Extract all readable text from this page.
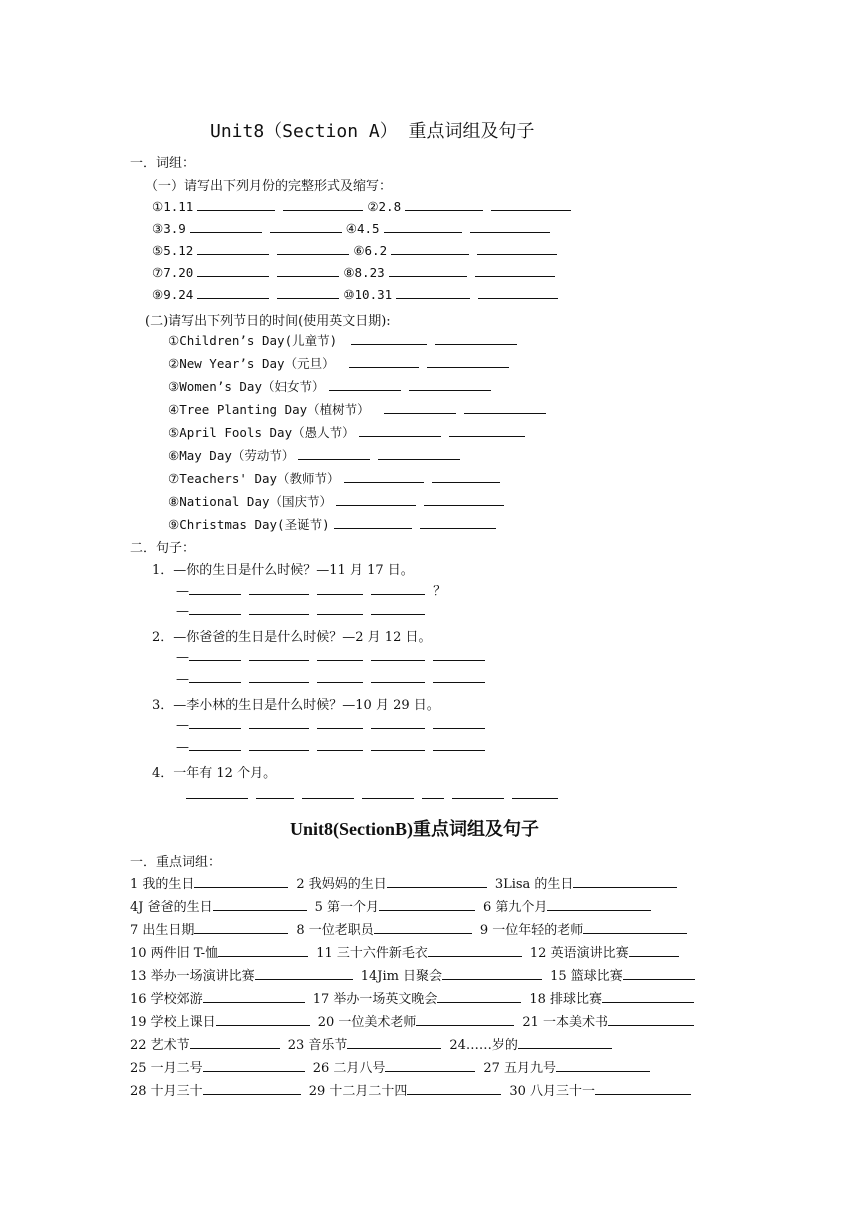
Unit8（Section A） 重点词组及句子
一．词组：
（一）请写出下列月份的完整形式及缩写：
①1.11	②2.8
③3.9	④4.5
⑤5.12	⑥6.2
⑦7.20	⑧8.23
⑨9.24	⑩10.31
(二)请写出下列节日的时间(使用英文日期):
①Children’s Day(儿童节)
②New Year’s Day（元旦）
③Women’s Day（妇女节）
④Tree Planting Day（植树节）
⑤April Fools Day（愚人节）
⑥May Day（劳动节）
⑦Teachers' Day（教师节）
⑧National Day（国庆节）
⑨Christmas Day(圣诞节)
二．句子：
1．—你的生日是什么时候？—11 月 17 日。
—	？
—
2．—你爸爸的生日是什么时候？—2 月 12 日。
—
—
3．—李小林的生日是什么时候？—10 月 29 日。
—
—
4．一年有 12 个月。
Unit8(SectionB)重点词组及句子
一．重点词组：
1 我的生日	2 我妈妈的生日	3Lisa 的生日
4J 爸爸的生日	5 第一个月	6 第九个月
7 出生日期	8 一位老职员	9 一位年轻的老师
10 两件旧 T-恤	11 三十六件新毛衣	12 英语演讲比赛
13 举办一场演讲比赛	14Jim 日聚会	15 篮球比赛
16 学校郊游	17 举办一场英文晚会	18 排球比赛
19 学校上课日	20 一位美术老师	21 一本美术书
22 艺术节	23 音乐节	24……岁的
25 一月二号	26 二月八号	27 五月九号
28 十月三十	29 十二月二十四	30 八月三十一
